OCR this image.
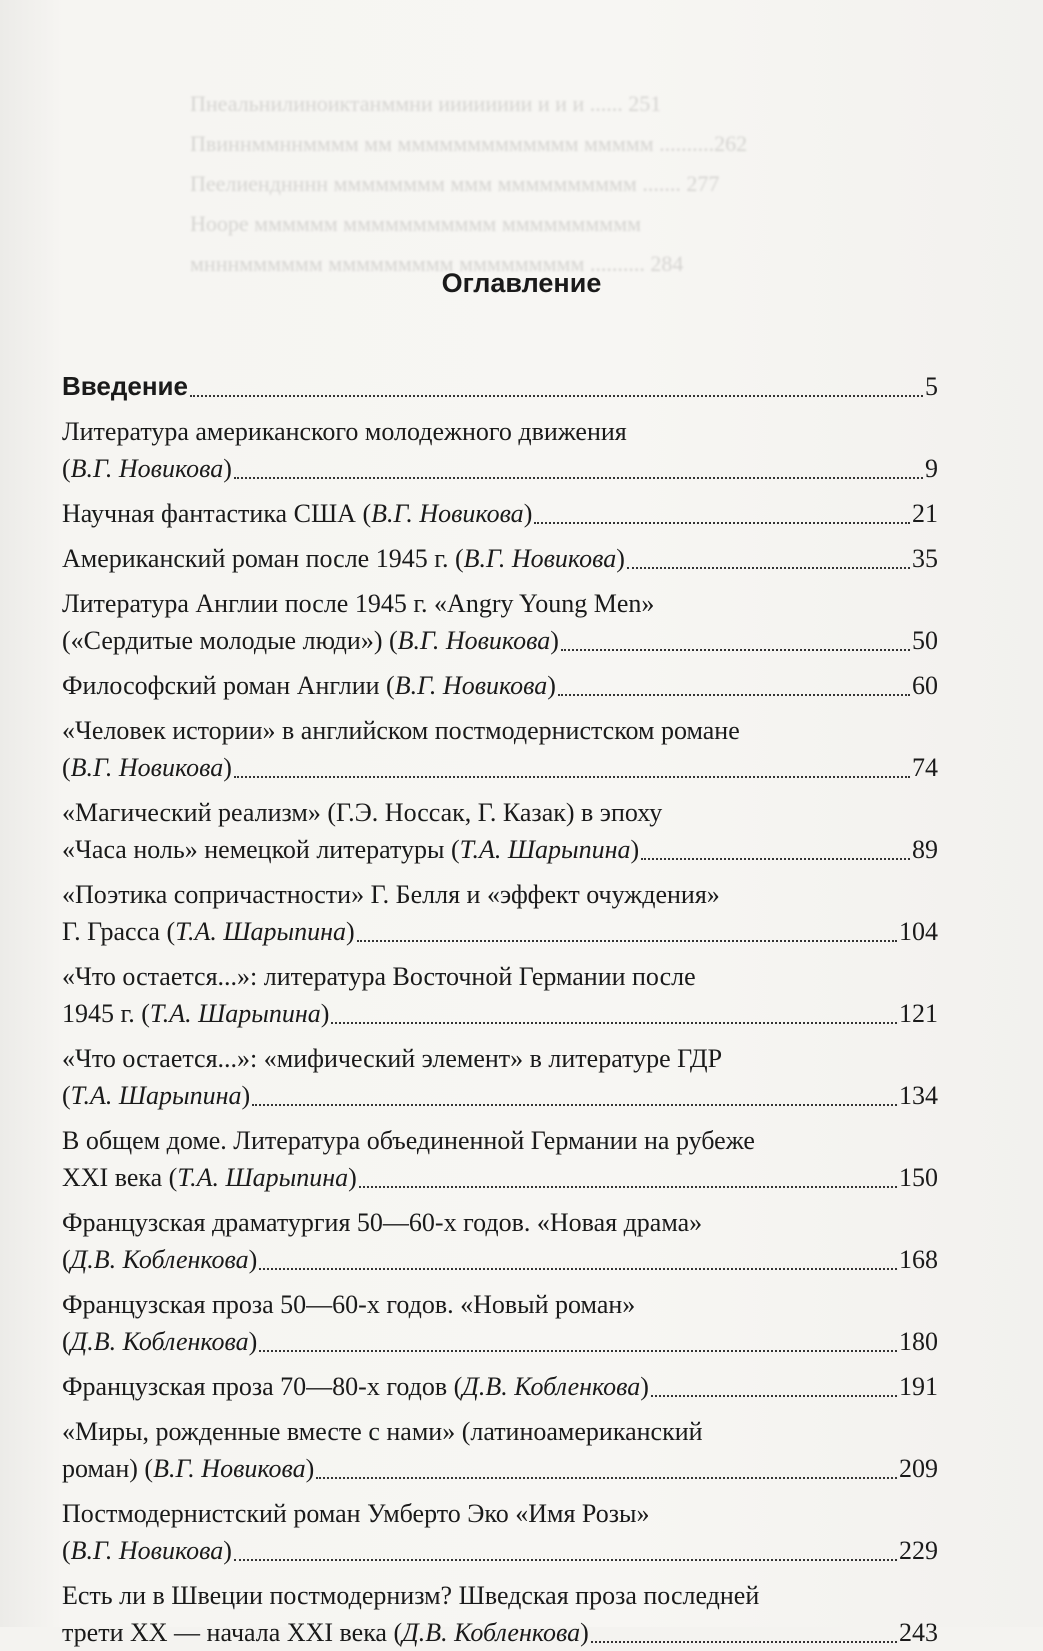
Пнеальнилиноиктанммни ииииииии и и и ...... 251
Пвиннммннмммм мм ммммммммммммм ммммм ..........262
Пеелиенднннн мммммммм ммм мммммммммм ....... 277
Нооре мммммм ммммммммммм мммммммммм
мнннмммммм ммммммммм ммммммммм .......... 284
Оглавление
Введение	5
Литература американского молодежного движения
(В.Г. Новикова)	9
Научная фантастика США (В.Г. Новикова)	21
Американский роман после 1945 г. (В.Г. Новикова)	35
Литература Англии после 1945 г. «Angry Young Men»
(«Сердитые молодые люди») (В.Г. Новикова)	50
Философский роман Англии (В.Г. Новикова)	60
«Человек истории» в английском постмодернистском романе
(В.Г. Новикова)	74
«Магический реализм» (Г.Э. Носсак, Г. Казак) в эпоху
«Часа ноль» немецкой литературы (Т.А. Шарыпина)	89
«Поэтика сопричастности» Г. Белля и «эффект очуждения»
Г. Грасса (Т.А. Шарыпина)	104
«Что остается...»: литература Восточной Германии после
1945 г. (Т.А. Шарыпина)	121
«Что остается...»: «мифический элемент» в литературе ГДР
(Т.А. Шарыпина)	134
В общем доме. Литература объединенной Германии на рубеже
XXI века (Т.А. Шарыпина)	150
Французская драматургия 50—60-х годов. «Новая драма»
(Д.В. Кобленкова)	168
Французская проза 50—60-х годов. «Новый роман»
(Д.В. Кобленкова)	180
Французская проза 70—80-х годов (Д.В. Кобленкова)	191
«Миры, рожденные вместе с нами» (латиноамериканский
роман) (В.Г. Новикова)	209
Постмодернистский роман Умберто Эко «Имя Розы»
(В.Г. Новикова)	229
Есть ли в Швеции постмодернизм? Шведская проза последней
трети XX — начала XXI века (Д.В. Кобленкова)	243
